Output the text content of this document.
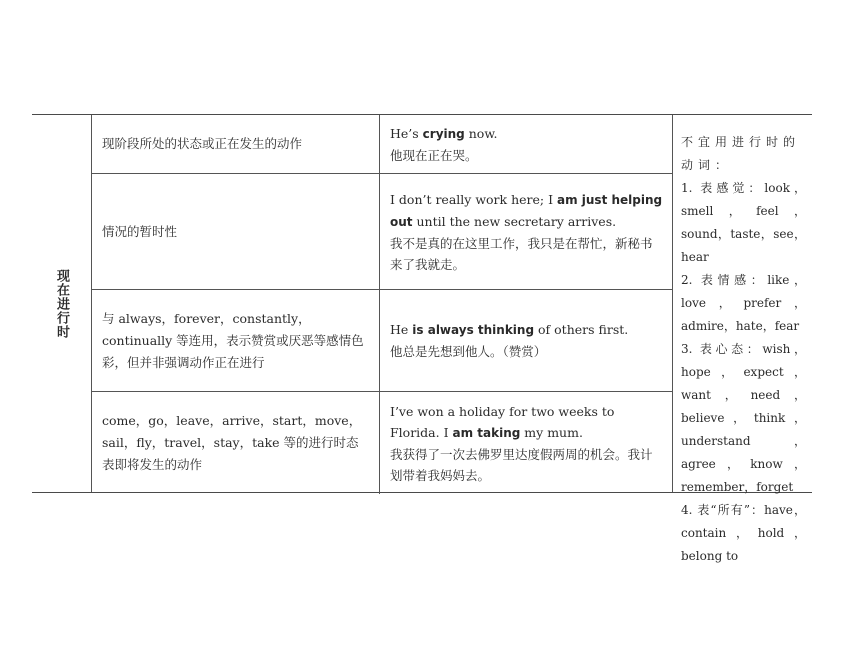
现在进行时
现阶段所处的状态或正在发生的动作
He’s crying now.
他现在正在哭。
情况的暂时性
I don’t really work here; I am just helping out until the new secretary arrives.
我不是真的在这里工作，我只是在帮忙，新秘书来了我就走。
与 always，forever，constantly，continually 等连用，表示赞赏或厌恶等感情色彩，但并非强调动作正在进行
He is always thinking of others first.
他总是先想到他人。（赞赏）
come，go，leave，arrive，start，move，sail，fly，travel，stay，take 等的进行时态表即将发生的动作
I’ve won a holiday for two weeks to Florida. I am taking my mum.
我获得了一次去佛罗里达度假两周的机会。我计划带着我妈妈去。
不宜用进行时的动词：
1. 表感觉：look，smell，feel，sound，taste，see，hear
2. 表情感：like，love，prefer，admire，hate，fear
3. 表心态：wish，hope，expect，want，need，believe，think，understand，agree，know，remember，forget
4. 表“所有”：have，contain，hold，belong to
